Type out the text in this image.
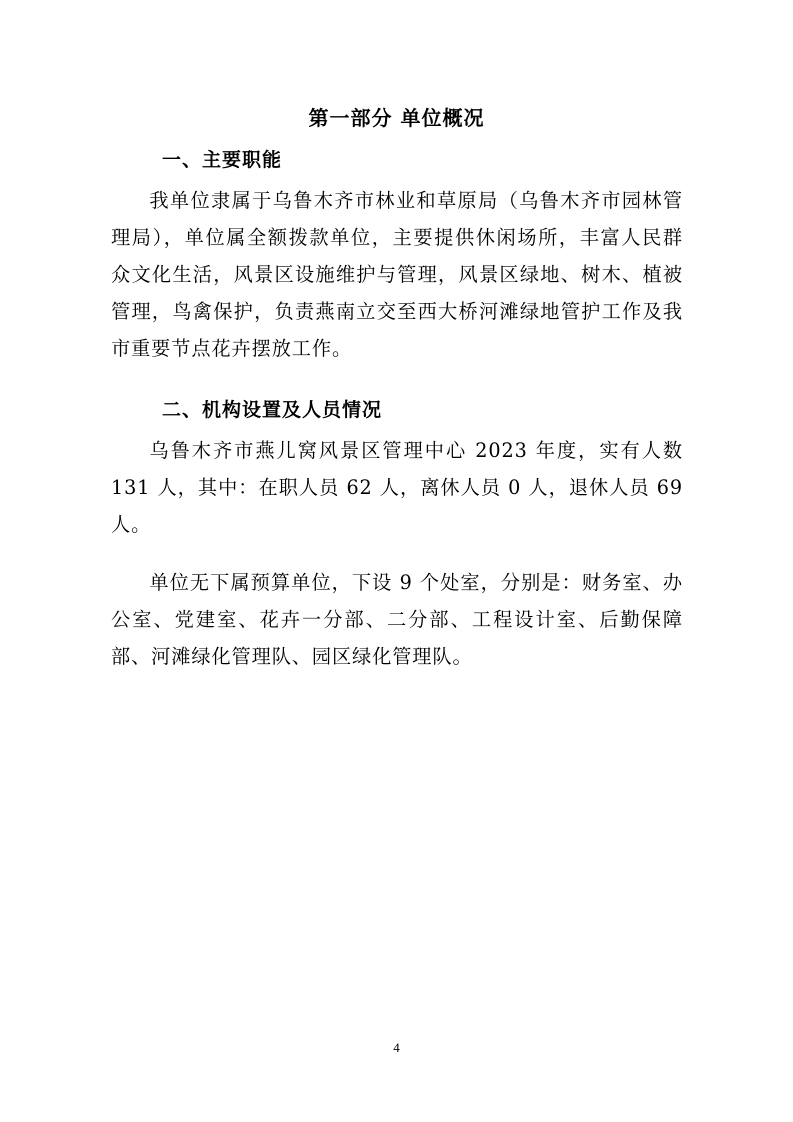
第一部分 单位概况
一、主要职能

我单位隶属于乌鲁木齐市林业和草原局（乌鲁木齐市园林管理局），单位属全额拨款单位，主要提供休闲场所，丰富人民群众文化生活，风景区设施维护与管理，风景区绿地、树木、植被管理，鸟禽保护，负责燕南立交至西大桥河滩绿地管护工作及我市重要节点花卉摆放工作。

二、机构设置及人员情况

乌鲁木齐市燕儿窝风景区管理中心 2023 年度，实有人数 131 人，其中：在职人员 62 人，离休人员 0 人，退休人员 69 人。

单位无下属预算单位，下设 9 个处室，分别是：财务室、办公室、党建室、花卉一分部、二分部、工程设计室、后勤保障部、河滩绿化管理队、园区绿化管理队。

4
